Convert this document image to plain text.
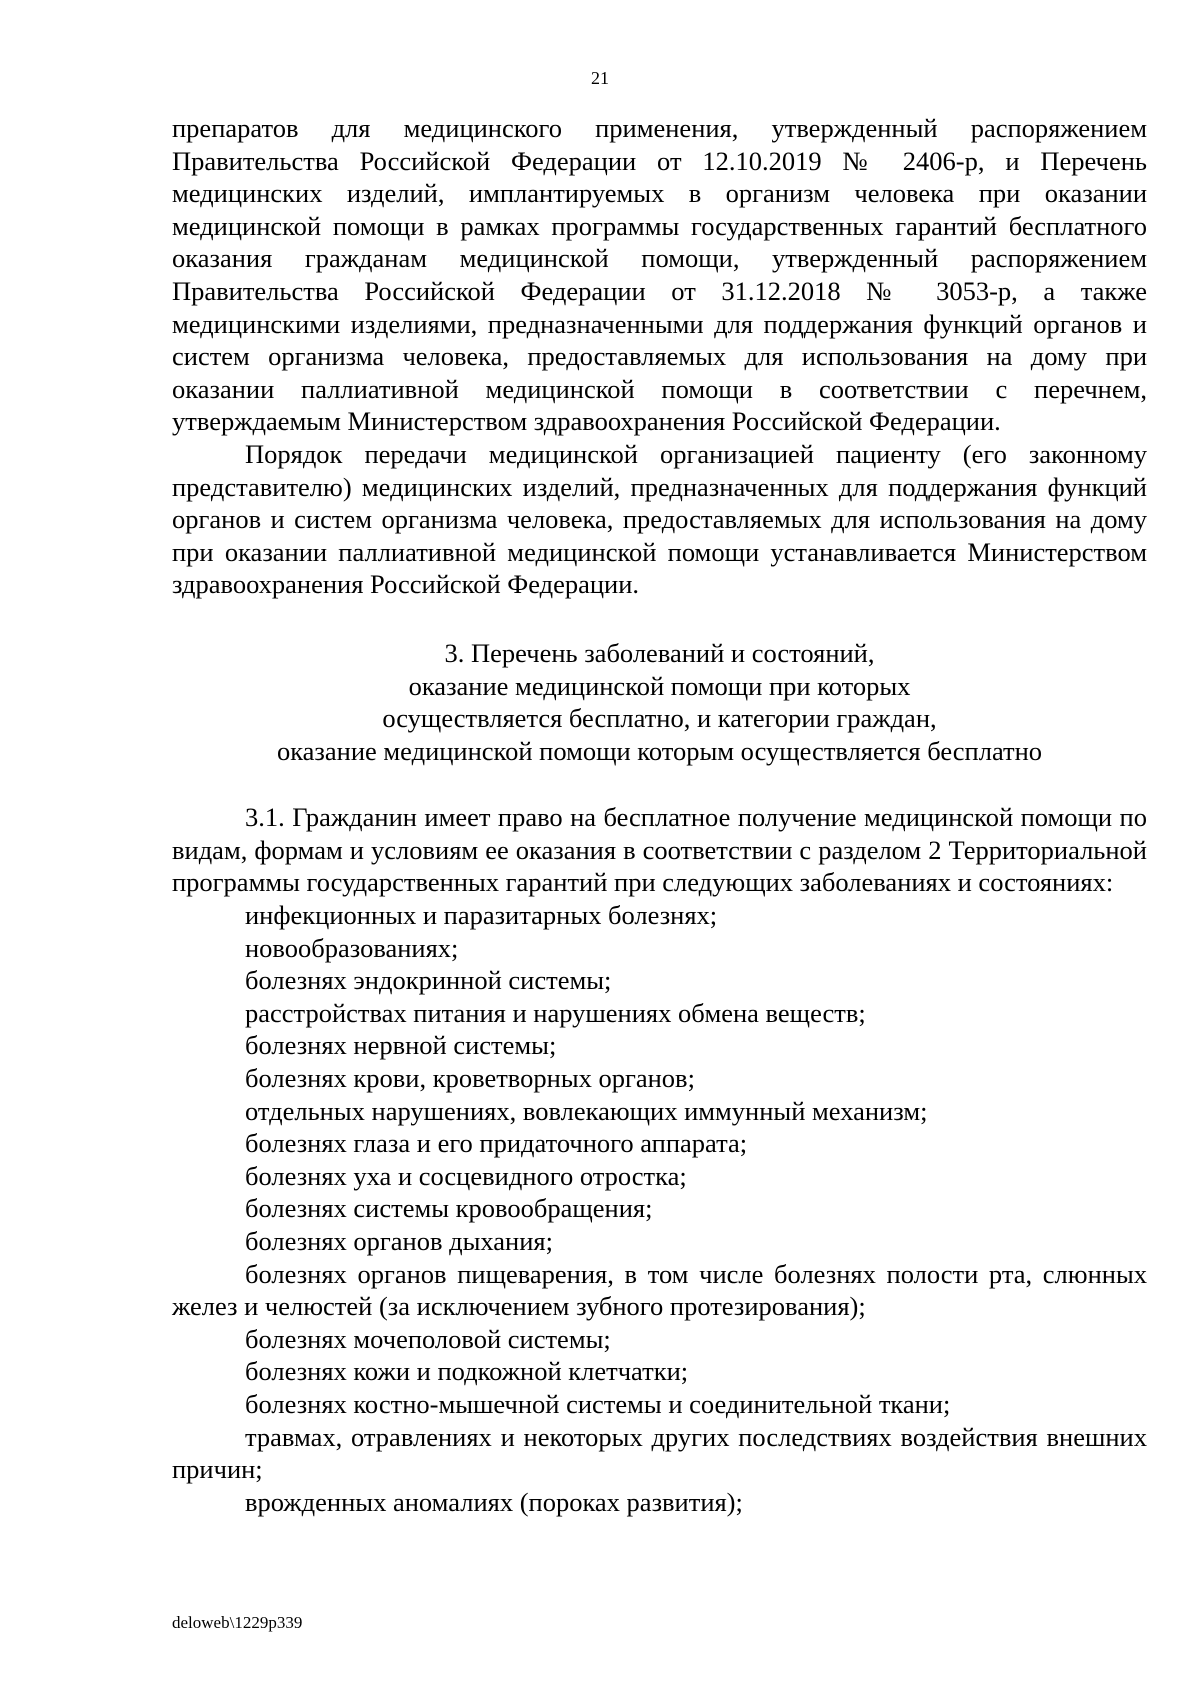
21

препаратов для медицинского применения, утвержденный распоряжением Правительства Российской Федерации от 12.10.2019 № 2406-р, и Перечень медицинских изделий, имплантируемых в организм человека при оказании медицинской помощи в рамках программы государственных гарантий бесплатного оказания гражданам медицинской помощи, утвержденный распоряжением Правительства Российской Федерации от 31.12.2018 № 3053-р, а также медицинскими изделиями, предназначенными для поддержания функций органов и систем организма человека, предоставляемых для использования на дому при оказании паллиативной медицинской помощи в соответствии с перечнем, утверждаемым Министерством здравоохранения Российской Федерации.

Порядок передачи медицинской организацией пациенту (его законному представителю) медицинских изделий, предназначенных для поддержания функций органов и систем организма человека, предоставляемых для использования на дому при оказании паллиативной медицинской помощи устанавливается Министерством здравоохранения Российской Федерации.

3. Перечень заболеваний и состояний,
оказание медицинской помощи при которых
осуществляется бесплатно, и категории граждан,
оказание медицинской помощи которым осуществляется бесплатно

3.1. Гражданин имеет право на бесплатное получение медицинской помощи по видам, формам и условиям ее оказания в соответствии с разделом 2 Территориальной программы государственных гарантий при следующих заболеваниях и состояниях:

инфекционных и паразитарных болезнях;
новообразованиях;
болезнях эндокринной системы;
расстройствах питания и нарушениях обмена веществ;
болезнях нервной системы;
болезнях крови, кроветворных органов;
отдельных нарушениях, вовлекающих иммунный механизм;
болезнях глаза и его придаточного аппарата;
болезнях уха и сосцевидного отростка;
болезнях системы кровообращения;
болезнях органов дыхания;
болезнях органов пищеварения, в том числе болезнях полости рта, слюнных желез и челюстей (за исключением зубного протезирования);
болезнях мочеполовой системы;
болезнях кожи и подкожной клетчатки;
болезнях костно-мышечной системы и соединительной ткани;
травмах, отравлениях и некоторых других последствиях воздействия внешних причин;
врожденных аномалиях (пороках развития);
deloweb\1229p339
